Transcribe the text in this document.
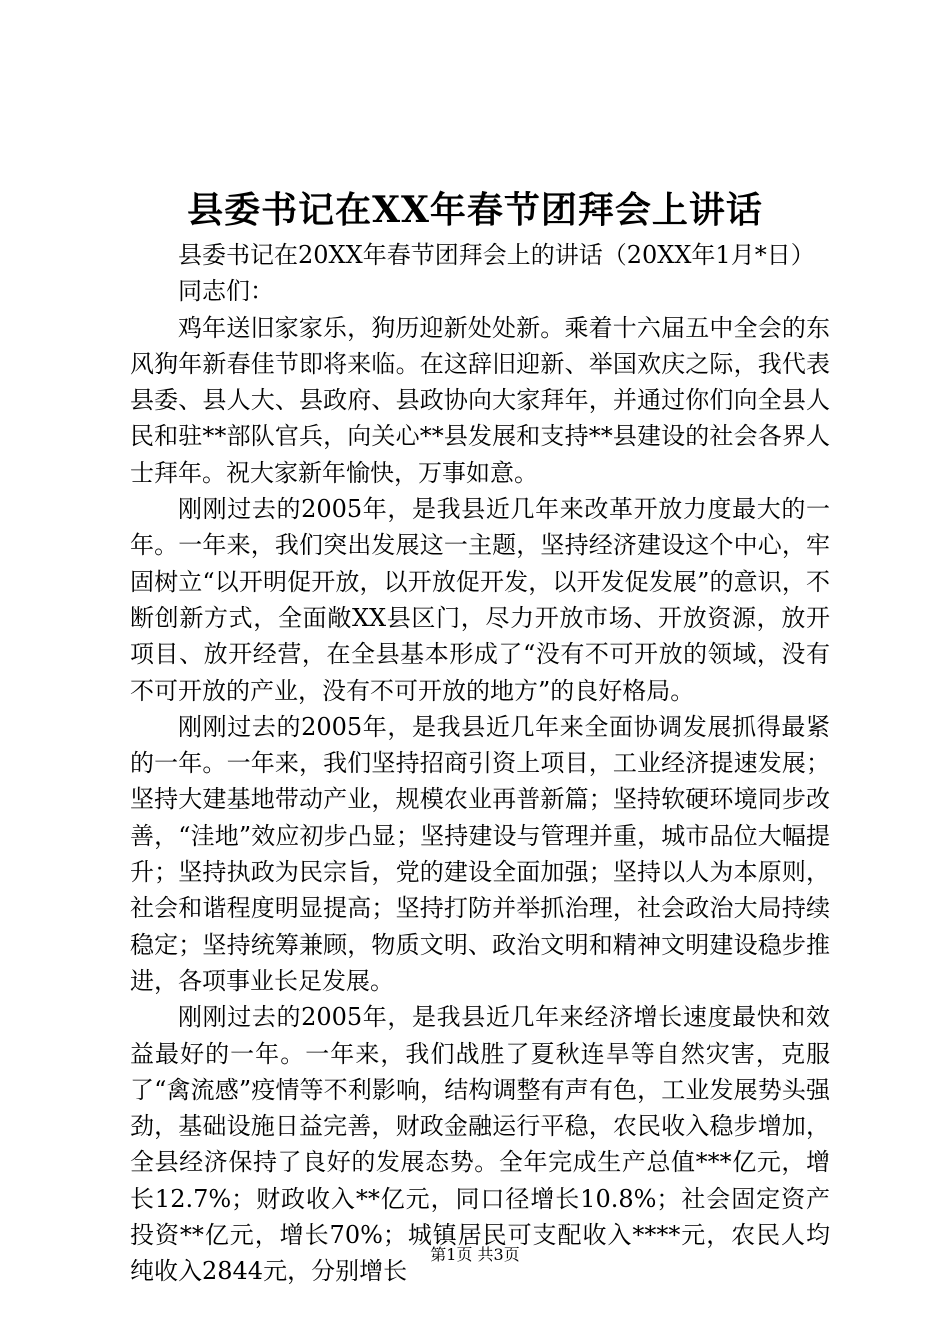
县委书记在XX年春节团拜会上讲话

县委书记在20XX年春节团拜会上的讲话（20XX年1月*日）

同志们：

鸡年送旧家家乐，狗历迎新处处新。乘着十六届五中全会的东风狗年新春佳节即将来临。在这辞旧迎新、举国欢庆之际，我代表县委、县人大、县政府、县政协向大家拜年，并通过你们向全县人民和驻**部队官兵，向关心**县发展和支持**县建设的社会各界人士拜年。祝大家新年愉快，万事如意。

刚刚过去的2005年，是我县近几年来改革开放力度最大的一年。一年来，我们突出发展这一主题，坚持经济建设这个中心，牢固树立“以开明促开放，以开放促开发，以开发促发展”的意识，不断创新方式，全面敞XX县区门，尽力开放市场、开放资源，放开项目、放开经营，在全县基本形成了“没有不可开放的领域，没有不可开放的产业，没有不可开放的地方”的良好格局。

刚刚过去的2005年，是我县近几年来全面协调发展抓得最紧的一年。一年来，我们坚持招商引资上项目，工业经济提速发展；坚持大建基地带动产业，规模农业再普新篇；坚持软硬环境同步改善，“洼地”效应初步凸显；坚持建设与管理并重，城市品位大幅提升；坚持执政为民宗旨，党的建设全面加强；坚持以人为本原则，社会和谐程度明显提高；坚持打防并举抓治理，社会政治大局持续稳定；坚持统筹兼顾，物质文明、政治文明和精神文明建设稳步推进，各项事业长足发展。

刚刚过去的2005年，是我县近几年来经济增长速度最快和效益最好的一年。一年来，我们战胜了夏秋连旱等自然灾害，克服了“禽流感”疫情等不利影响，结构调整有声有色，工业发展势头强劲，基础设施日益完善，财政金融运行平稳，农民收入稳步增加，全县经济保持了良好的发展态势。全年完成生产总值***亿元，增长12.7%；财政收入**亿元，同口径增长10.8%；社会固定资产投资**亿元，增长70%；城镇居民可支配收入****元，农民人均纯收入2844元，分别增长

第1页 共3页
